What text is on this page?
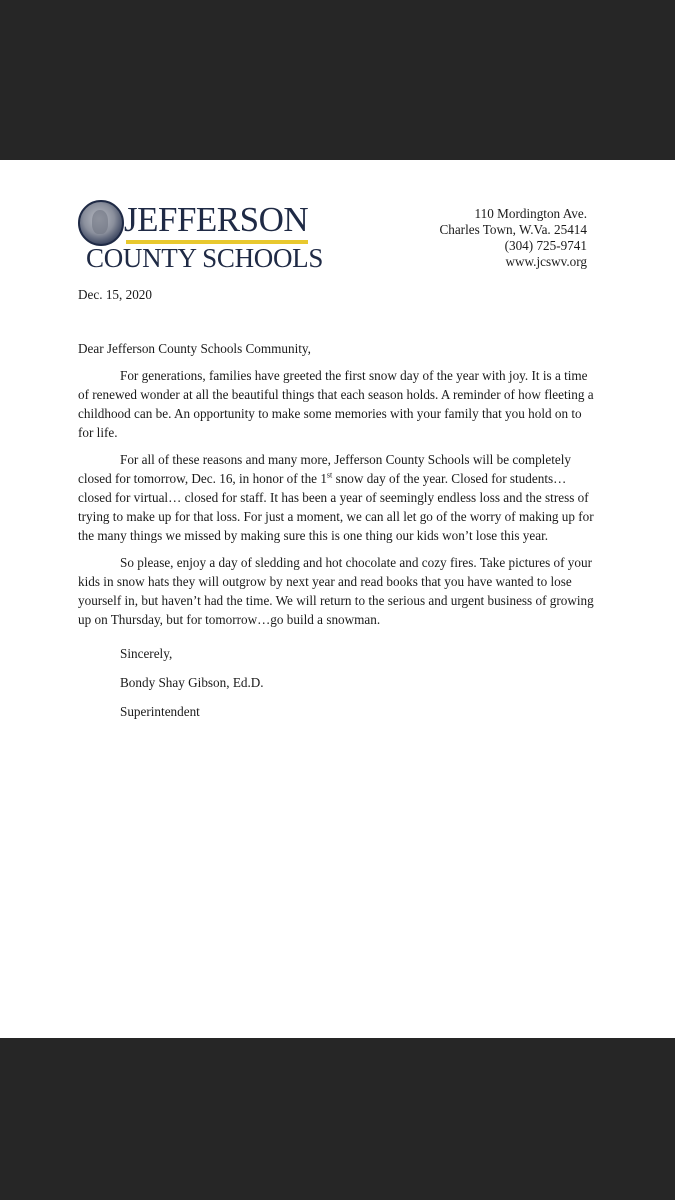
JEFFERSON
COUNTY SCHOOLS
110 Mordington Ave.
Charles Town, W.Va. 25414
(304) 725-9741
www.jcswv.org
Dec. 15, 2020

Dear Jefferson County Schools Community,

For generations, families have greeted the first snow day of the year with joy. It is a time of renewed wonder at all the beautiful things that each season holds. A reminder of how fleeting a childhood can be. An opportunity to make some memories with your family that you hold on to for life.

For all of these reasons and many more, Jefferson County Schools will be completely closed for tomorrow, Dec. 16, in honor of the 1st snow day of the year. Closed for students… closed for virtual… closed for staff. It has been a year of seemingly endless loss and the stress of trying to make up for that loss. For just a moment, we can all let go of the worry of making up for the many things we missed by making sure this is one thing our kids won’t lose this year.

So please, enjoy a day of sledding and hot chocolate and cozy fires. Take pictures of your kids in snow hats they will outgrow by next year and read books that you have wanted to lose yourself in, but haven’t had the time. We will return to the serious and urgent business of growing up on Thursday, but for tomorrow…go build a snowman.

Sincerely,
Bondy Shay Gibson, Ed.D.
Superintendent
